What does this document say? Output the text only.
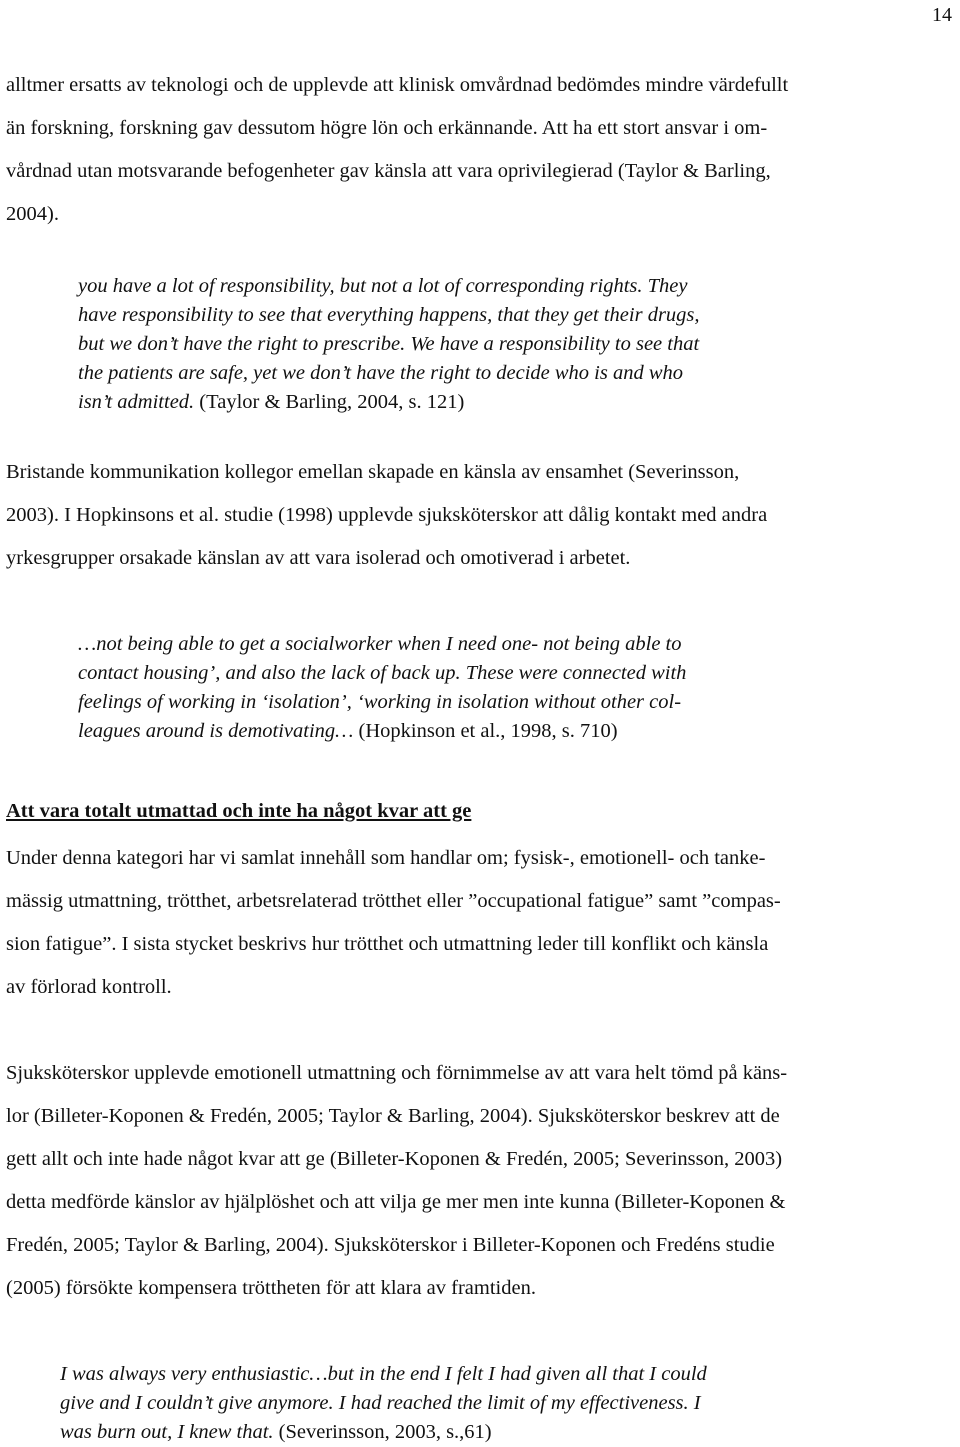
14

alltmer ersatts av teknologi och de upplevde att klinisk omvårdnad bedömdes mindre värdefullt
än forskning, forskning gav dessutom högre lön och erkännande. Att ha ett stort ansvar i om-
vårdnad utan motsvarande befogenheter gav känsla att vara oprivilegierad (Taylor & Barling,
2004).

you have a lot of responsibility, but not a lot of corresponding rights. They
have responsibility to see that everything happens, that they get their drugs,
but we don’t have the right to prescribe. We have a responsibility to see that
the patients are safe, yet we don’t have the right to decide who is and who
isn’t admitted. (Taylor & Barling, 2004, s. 121)

Bristande kommunikation kollegor emellan skapade en känsla av ensamhet (Severinsson,
2003). I Hopkinsons et al. studie (1998) upplevde sjuksköterskor att dålig kontakt med andra
yrkesgrupper orsakade känslan av att vara isolerad och omotiverad i arbetet.

…not being able to get a socialworker when I need one- not being able to
contact housing’, and also the lack of back up. These were connected with
feelings of working in ‘isolation’, ‘working in isolation without other col-
leagues around is demotivating… (Hopkinson et al., 1998, s. 710)
Att vara totalt utmattad och inte ha något kvar att ge

Under denna kategori har vi samlat innehåll som handlar om; fysisk-, emotionell- och tanke-
mässig utmattning, trötthet, arbetsrelaterad trötthet eller ”occupational fatigue” samt ”compas-
sion fatigue”. I sista stycket beskrivs hur trötthet och utmattning leder till konflikt och känsla
av förlorad kontroll.

Sjuksköterskor upplevde emotionell utmattning och förnimmelse av att vara helt tömd på käns-
lor (Billeter-Koponen & Fredén, 2005; Taylor & Barling, 2004). Sjuksköterskor beskrev att de
gett allt och inte hade något kvar att ge (Billeter-Koponen & Fredén, 2005; Severinsson, 2003)
detta medförde känslor av hjälplöshet och att vilja ge mer men inte kunna (Billeter-Koponen &
Fredén, 2005; Taylor & Barling, 2004). Sjuksköterskor i Billeter-Koponen och Fredéns studie
(2005) försökte kompensera tröttheten för att klara av framtiden.

I was always very enthusiastic…but in the end I felt I had given all that I could
give and I couldn’t give anymore. I had reached the limit of my effectiveness. I
was burn out, I knew that. (Severinsson, 2003, s.,61)
